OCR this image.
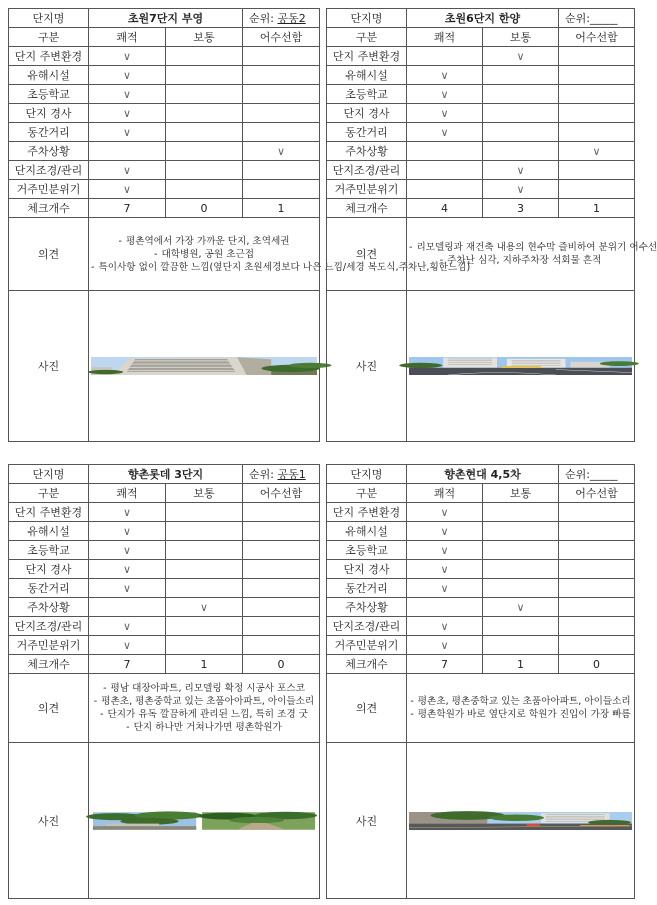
단지명	초원7단지 부영		순위: 공동2
구분	쾌적	보통	어수선함
단지 주변환경	∨		
유해시설	∨		
초등학교	∨		
단지 경사	∨		
동간거리	∨		
주차상황			∨
단지조경/관리	∨		
거주민분위기	∨		
체크개수	7	0	1
의견	- 평촌역에서 가장 가까운 단지, 초역세권
- 대학병원, 공원 초근접
- 특이사항 없이 깔끔한 느낌(옆단지 초원세경보다 나은 느낌/세경 복도식,주차난,횡한느낌)

사진	
단지명	초원6단지 한양		순위:_____
구분	쾌적	보통	어수선함
단지 주변환경		∨	
유해시설	∨		
초등학교	∨		
단지 경사	∨		
동간거리	∨		
주차상황			∨
단지조경/관리		∨	
거주민분위기		∨	
체크개수	4	3	1
의견	- 리모델링과 재건축 내용의 현수막 즐비하여 분위기 어수선
- 주차난 심각, 지하주차장 석회물 흔적

사진	
단지명	향촌롯데 3단지		순위: 공동1
구분	쾌적	보통	어수선함
단지 주변환경	∨		
유해시설	∨		
초등학교	∨		
단지 경사	∨		
동간거리	∨		
주차상황		∨	
단지조경/관리	∨		
거주민분위기	∨		
체크개수	7	1	0
의견	- 평남 대장아파트, 리모델링 확정 시공사 포스코
- 평촌초, 평촌중학교 있는 초품아아파트, 아이들소리
- 단지가 유독 깔끔하게 관리된 느낌, 특히 조경 굿
- 단지 하나만 거쳐나가면 평촌학원가

사진	
단지명	향촌현대 4,5차		순위:_____
구분	쾌적	보통	어수선함
단지 주변환경	∨		
유해시설	∨		
초등학교	∨		
단지 경사	∨		
동간거리	∨		
주차상황		∨	
단지조경/관리	∨		
거주민분위기	∨		
체크개수	7	1	0
의견	- 평촌초, 평촌중학교 있는 초품아아파트, 아이들소리
- 평촌학원가 바로 옆단지로 학원가 진입이 가장 빠름

사진	
